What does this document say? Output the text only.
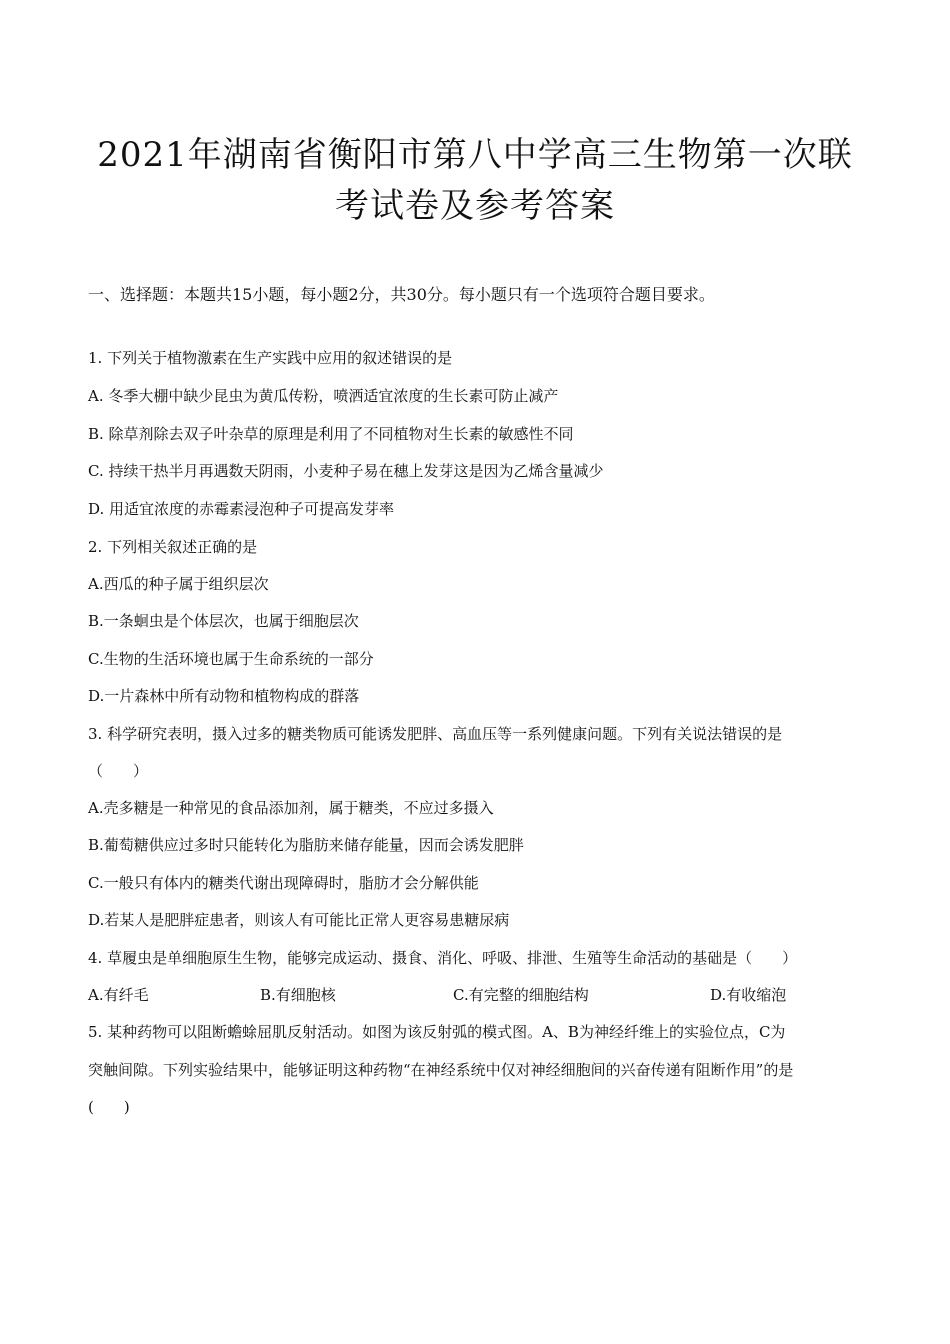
2021年湖南省衡阳市第八中学高三生物第一次联
考试卷及参考答案
一、选择题：本题共15小题，每小题2分，共30分。每小题只有一个选项符合题目要求。
1. 下列关于植物激素在生产实践中应用的叙述错误的是
A. 冬季大棚中缺少昆虫为黄瓜传粉，喷洒适宜浓度的生长素可防止减产
B. 除草剂除去双子叶杂草的原理是利用了不同植物对生长素的敏感性不同
C. 持续干热半月再遇数天阴雨，小麦种子易在穗上发芽这是因为乙烯含量减少
D. 用适宜浓度的赤霉素浸泡种子可提高发芽率
2. 下列相关叙述正确的是
A.西瓜的种子属于组织层次
B.一条蛔虫是个体层次，也属于细胞层次
C.生物的生活环境也属于生命系统的一部分
D.一片森林中所有动物和植物构成的群落
3. 科学研究表明，摄入过多的糖类物质可能诱发肥胖、高血压等一系列健康问题。下列有关说法错误的是
（　　）
A.壳多糖是一种常见的食品添加剂，属于糖类，不应过多摄入
B.葡萄糖供应过多时只能转化为脂肪来储存能量，因而会诱发肥胖
C.一般只有体内的糖类代谢出现障碍时，脂肪才会分解供能
D.若某人是肥胖症患者，则该人有可能比正常人更容易患糖尿病
4. 草履虫是单细胞原生生物，能够完成运动、摄食、消化、呼吸、排泄、生殖等生命活动的基础是（　　）
A.有纤毛	B.有细胞核	C.有完整的细胞结构	D.有收缩泡
5. 某种药物可以阻断蟾蜍屈肌反射活动。如图为该反射弧的模式图。A、B为神经纤维上的实验位点，C为
突触间隙。下列实验结果中，能够证明这种药物“在神经系统中仅对神经细胞间的兴奋传递有阻断作用”的是
(　　)
